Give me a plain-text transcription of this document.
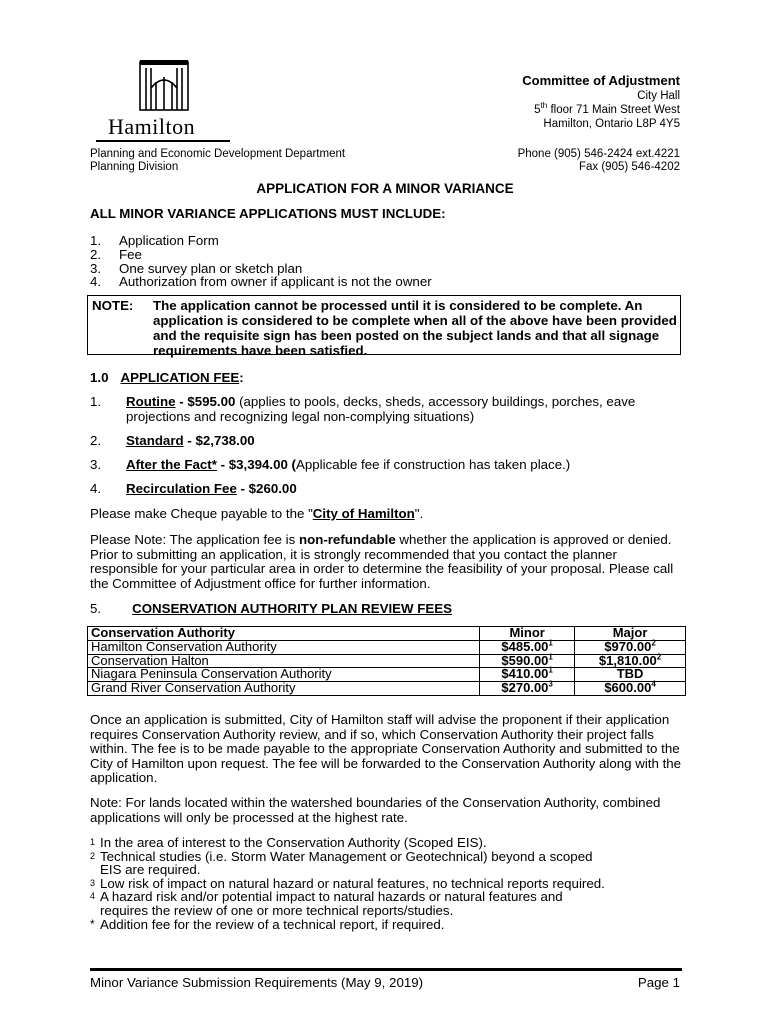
Hamilton
Committee of Adjustment
City Hall
5th floor 71 Main Street West
Hamilton, Ontario L8P 4Y5
Planning and Economic Development Department
Planning Division
Phone (905) 546-2424 ext.4221
Fax (905) 546-4202
APPLICATION FOR A MINOR VARIANCE
ALL MINOR VARIANCE APPLICATIONS MUST INCLUDE:
1. Application Form
2. Fee
3. One survey plan or sketch plan
4. Authorization from owner if applicant is not the owner
NOTE: The application cannot be processed until it is considered to be complete. An application is considered to be complete when all of the above have been provided and the requisite sign has been posted on the subject lands and that all signage requirements have been satisfied.
1.0 APPLICATION FEE:
1. Routine - $595.00 (applies to pools, decks, sheds, accessory buildings, porches, eave projections and recognizing legal non-complying situations)
2. Standard - $2,738.00
3. After the Fact* - $3,394.00 (Applicable fee if construction has taken place.)
4. Recirculation Fee - $260.00
Please make Cheque payable to the "City of Hamilton".
Please Note: The application fee is non-refundable whether the application is approved or denied. Prior to submitting an application, it is strongly recommended that you contact the planner responsible for your particular area in order to determine the feasibility of your proposal. Please call the Committee of Adjustment office for further information.
5. CONSERVATION AUTHORITY PLAN REVIEW FEES
Conservation Authority	Minor	Major
Hamilton Conservation Authority	$485.00$^1$	$970.00$^2$
Conservation Halton	$590.00$^1$	$1,810.00$^2$
Niagara Peninsula Conservation Authority	$410.00$^1$	TBD
Grand River Conservation Authority	$270.00$^3$	$600.00$^4$
Once an application is submitted, City of Hamilton staff will advise the proponent if their application requires Conservation Authority review, and if so, which Conservation Authority their project falls within. The fee is to be made payable to the appropriate Conservation Authority and submitted to the City of Hamilton upon request. The fee will be forwarded to the Conservation Authority along with the application.
Note: For lands located within the watershed boundaries of the Conservation Authority, combined applications will only be processed at the highest rate.
1 In the area of interest to the Conservation Authority (Scoped EIS).
2 Technical studies (i.e. Storm Water Management or Geotechnical) beyond a scoped
EIS are required.
3 Low risk of impact on natural hazard or natural features, no technical reports required.
4 A hazard risk and/or potential impact to natural hazards or natural features and
requires the review of one or more technical reports/studies.
* Addition fee for the review of a technical report, if required.
Minor Variance Submission Requirements (May 9, 2019)	Page 1
